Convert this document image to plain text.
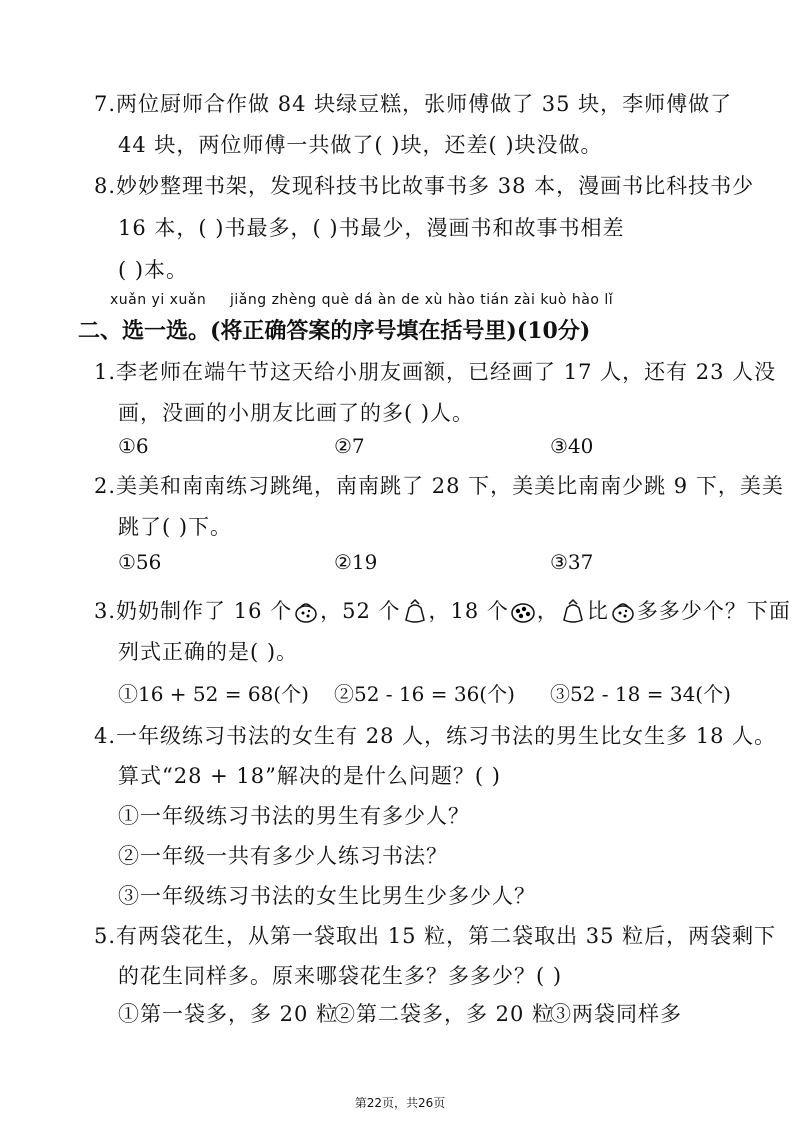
7.两位厨师合作做 84 块绿豆糕，张师傅做了 35 块，李师傅做了
44 块，两位师傅一共做了( )块，还差( )块没做。
8.妙妙整理书架，发现科技书比故事书多 38 本，漫画书比科技书少
16 本，( )书最多，( )书最少，漫画书和故事书相差
( )本。
xuǎn yi xuǎn jiǎng zhèng què dá àn de xù hào tián zài kuò hào lǐ
二、选一选。(将正确答案的序号填在括号里)(10分)
1.李老师在端午节这天给小朋友画额，已经画了 17 人，还有 23 人没
画，没画的小朋友比画了的多( )人。
①6	②7	③40
2.美美和南南练习跳绳，南南跳了 28 下，美美比南南少跳 9 下，美美
跳了( )下。
①56	②19	③37
3.奶奶制作了 16 个 ，52 个 ，18 个 ， 比 多多少个？下面
列式正确的是( )。
①16 + 52 = 68(个) ②52 - 16 = 36(个) ③52 - 18 = 34(个)
4.一年级练习书法的女生有 28 人，练习书法的男生比女生多 18 人。
算式“28 + 18”解决的是什么问题？( )
①一年级练习书法的男生有多少人？
②一年级一共有多少人练习书法？
③一年级练习书法的女生比男生少多少人？
5.有两袋花生，从第一袋取出 15 粒，第二袋取出 35 粒后，两袋剩下
的花生同样多。原来哪袋花生多？多多少？( )
①第一袋多，多 20 粒
②第二袋多，多 20 粒
③两袋同样多
第22页，共26页
